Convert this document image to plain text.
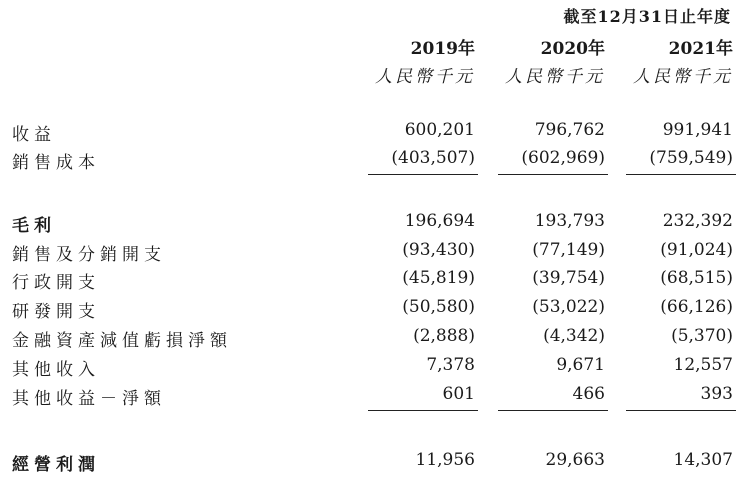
截至12月31日止年度
2019年	2020年	2021年
人民幣千元	人民幣千元	人民幣千元
收益	600,201	796,762	991,941
銷售成本	(403,507)	(602,969)	(759,549)
毛利	196,694	193,793	232,392
銷售及分銷開支	(93,430)	(77,149)	(91,024)
行政開支	(45,819)	(39,754)	(68,515)
研發開支	(50,580)	(53,022)	(66,126)
金融資產減值虧損淨額	(2,888)	(4,342)	(5,370)
其他收入	7,378	9,671	12,557
其他收益－淨額	601	466	393
經營利潤	11,956	29,663	14,307
